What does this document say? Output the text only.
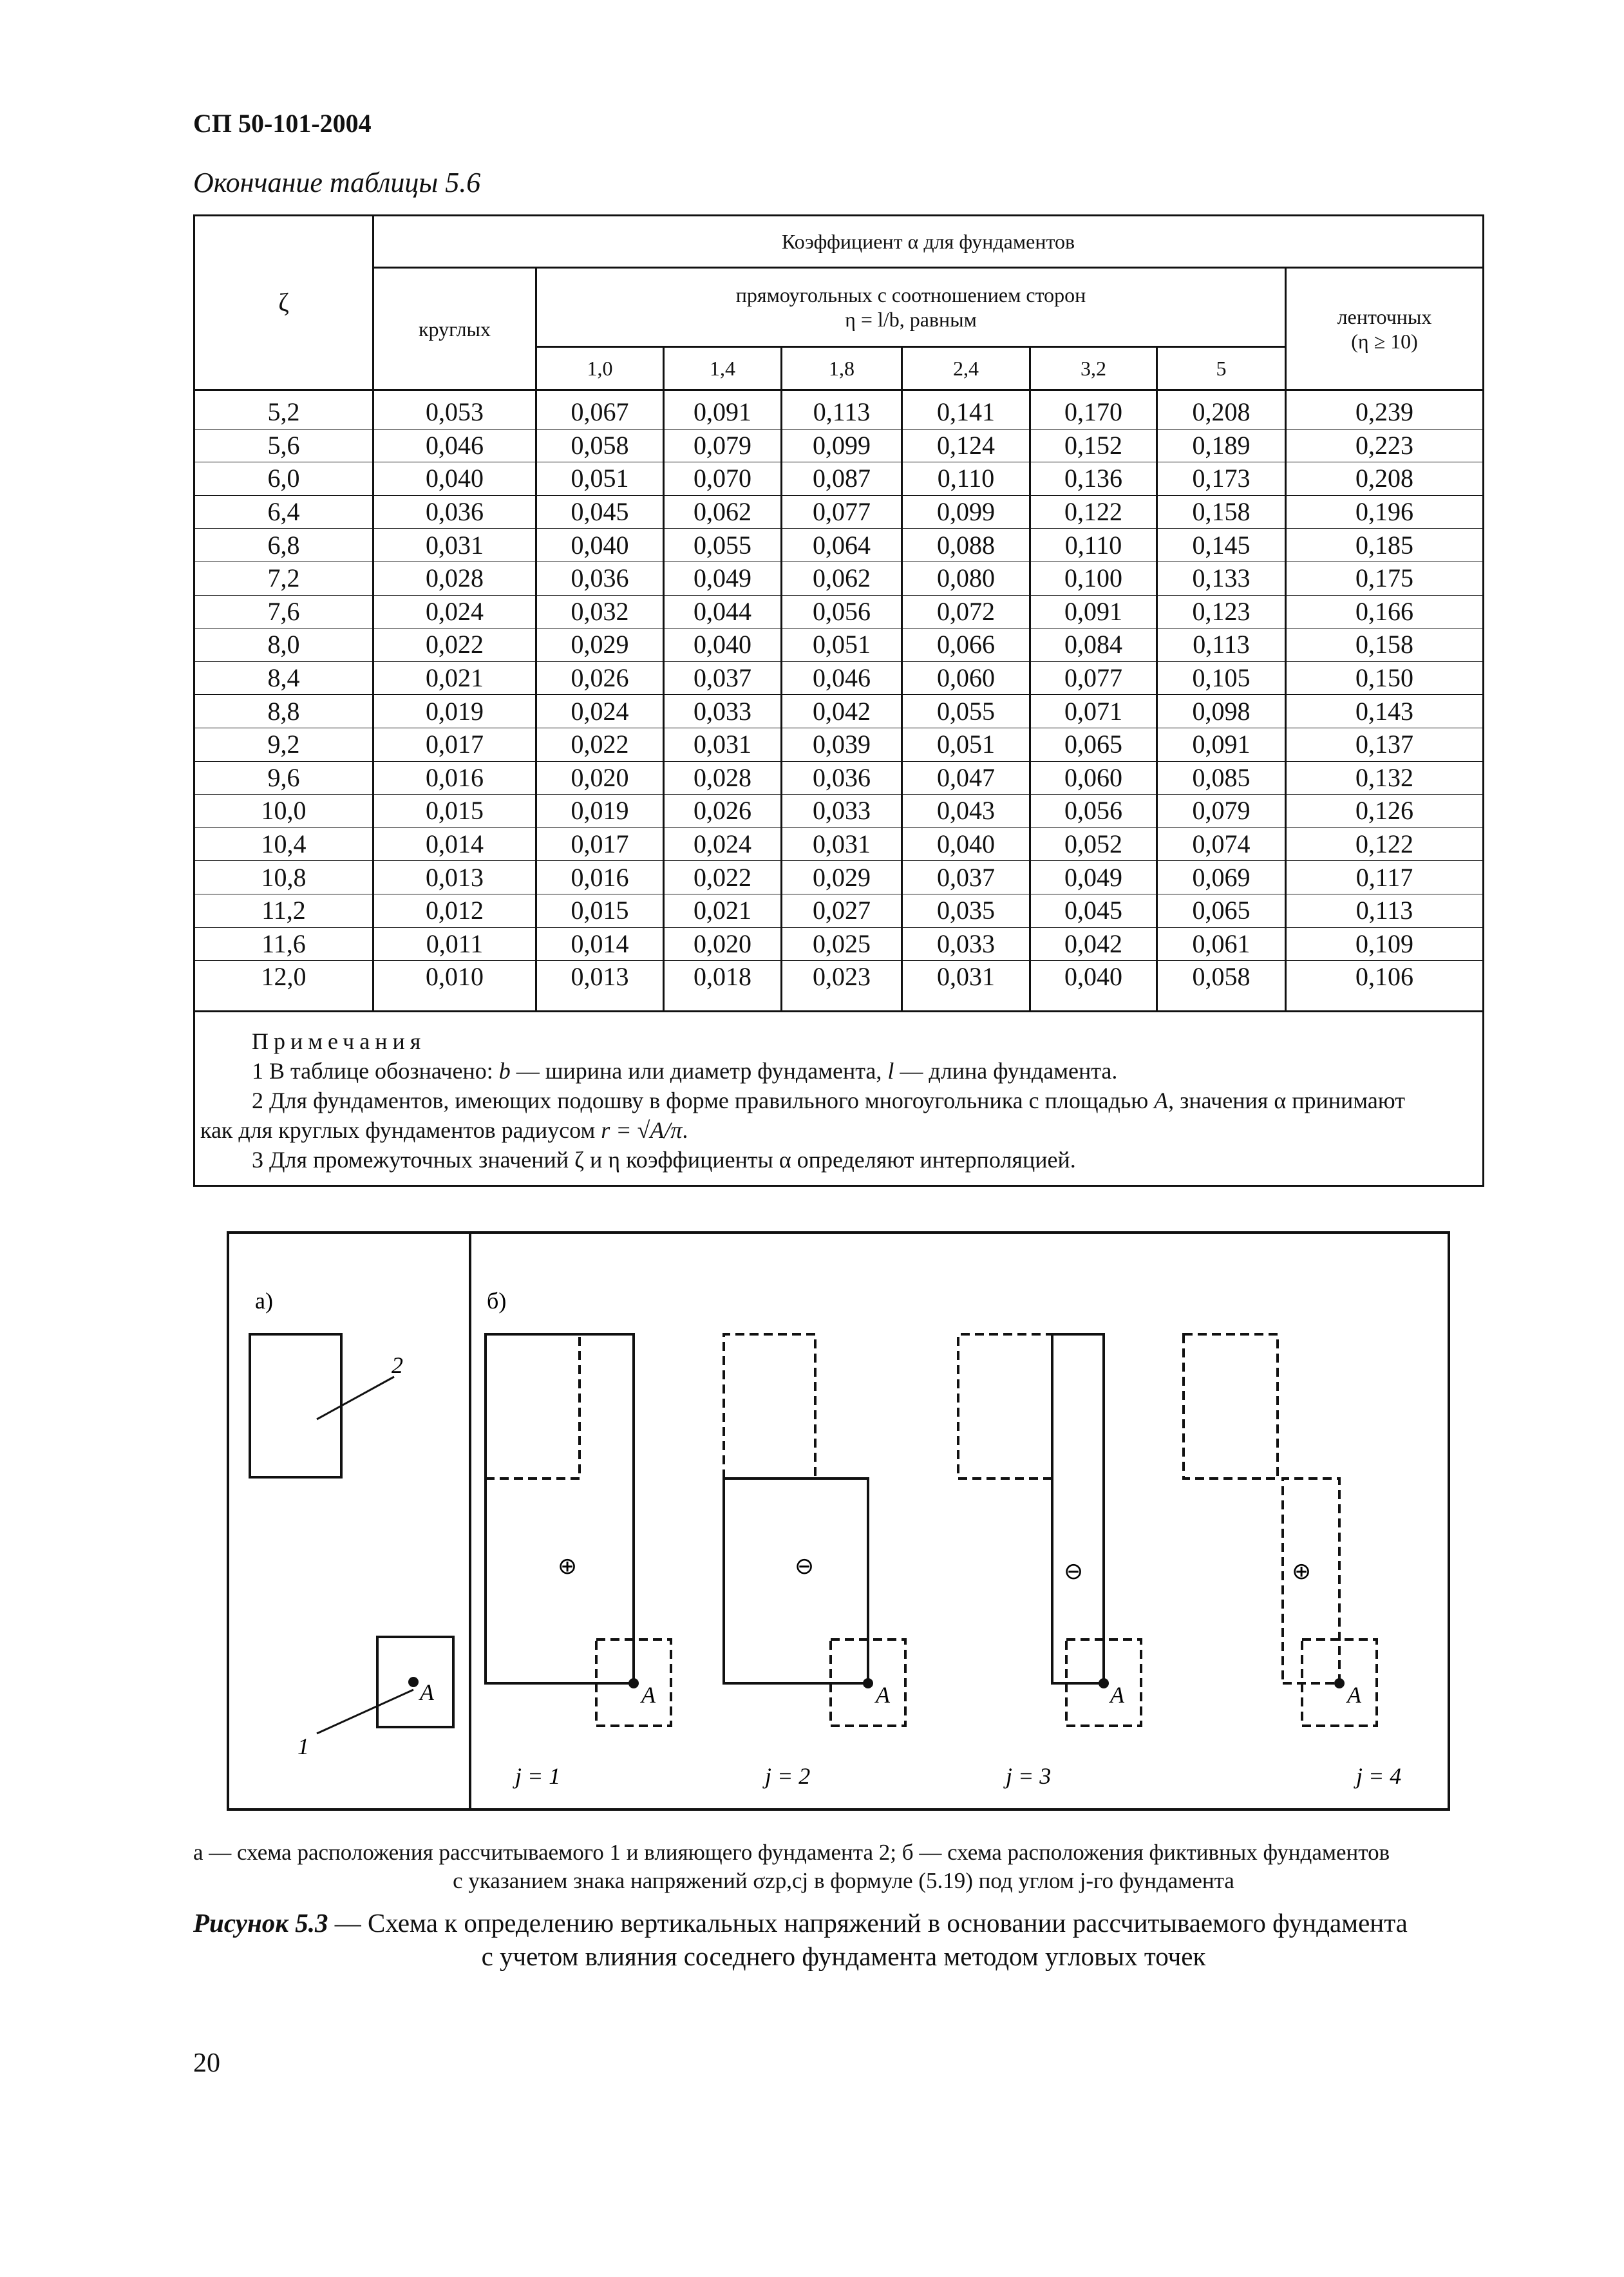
СП 50-101-2004
Окончание таблицы 5.6
ζ	Коэффициент α для фундаментов							
	круглых	прямоугольных с соотношением сторон
η = l/b, равным						ленточных
(η ≥ 10)
		1,0	1,4	1,8	2,4	3,2	5	
5,2	0,053	0,067	0,091	0,113	0,141	0,170	0,208	0,239
5,6	0,046	0,058	0,079	0,099	0,124	0,152	0,189	0,223
6,0	0,040	0,051	0,070	0,087	0,110	0,136	0,173	0,208
6,4	0,036	0,045	0,062	0,077	0,099	0,122	0,158	0,196
6,8	0,031	0,040	0,055	0,064	0,088	0,110	0,145	0,185
7,2	0,028	0,036	0,049	0,062	0,080	0,100	0,133	0,175
7,6	0,024	0,032	0,044	0,056	0,072	0,091	0,123	0,166
8,0	0,022	0,029	0,040	0,051	0,066	0,084	0,113	0,158
8,4	0,021	0,026	0,037	0,046	0,060	0,077	0,105	0,150
8,8	0,019	0,024	0,033	0,042	0,055	0,071	0,098	0,143
9,2	0,017	0,022	0,031	0,039	0,051	0,065	0,091	0,137
9,6	0,016	0,020	0,028	0,036	0,047	0,060	0,085	0,132
10,0	0,015	0,019	0,026	0,033	0,043	0,056	0,079	0,126
10,4	0,014	0,017	0,024	0,031	0,040	0,052	0,074	0,122
10,8	0,013	0,016	0,022	0,029	0,037	0,049	0,069	0,117
11,2	0,012	0,015	0,021	0,027	0,035	0,045	0,065	0,113
11,6	0,011	0,014	0,020	0,025	0,033	0,042	0,061	0,109
12,0	0,010	0,013	0,018	0,023	0,031	0,040	0,058	0,106
Примечания

1 В таблице обозначено: b — ширина или диаметр фундамента, l — длина фундамента.
2 Для фундаментов, имеющих подошву в форме правильного многоугольника с площадью A, значения α принимают
как для круглых фундаментов радиусом r = √A/π.
3 Для промежуточных значений ζ и η коэффициенты α определяют интерполяцией.								
а)
2
A
1
б)
⊕
A
j = 1
⊖
A
j = 2
⊖
A
j = 3
⊕
A
j = 4
а — схема расположения рассчитываемого 1 и влияющего фундамента 2; б — схема расположения фиктивных фундаментов
с указанием знака напряжений σzp,cj в формуле (5.19) под углом j-го фундамента
Рисунок 5.3 — Схема к определению вертикальных напряжений в основании рассчитываемого фундамента
с учетом влияния соседнего фундамента методом угловых точек
20
